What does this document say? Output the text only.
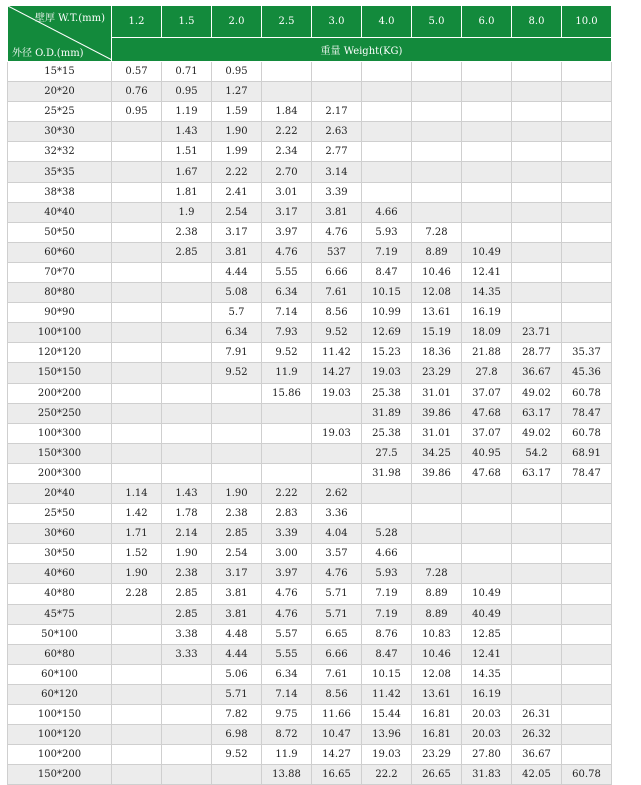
壁厚 W.T.(mm)
外径 O.D.(mm)	1.2	1.5	2.0	2.5	3.0	4.0	5.0	6.0	8.0	10.0
	重量 Weight(KG)									
15*15	0.57	0.71	0.95							
20*20	0.76	0.95	1.27							
25*25	0.95	1.19	1.59	1.84	2.17					
30*30		1.43	1.90	2.22	2.63					
32*32		1.51	1.99	2.34	2.77					
35*35		1.67	2.22	2.70	3.14					
38*38		1.81	2.41	3.01	3.39					
40*40		1.9	2.54	3.17	3.81	4.66				
50*50		2.38	3.17	3.97	4.76	5.93	7.28			
60*60		2.85	3.81	4.76	537	7.19	8.89	10.49		
70*70			4.44	5.55	6.66	8.47	10.46	12.41		
80*80			5.08	6.34	7.61	10.15	12.08	14.35		
90*90			5.7	7.14	8.56	10.99	13.61	16.19		
100*100			6.34	7.93	9.52	12.69	15.19	18.09	23.71	
120*120			7.91	9.52	11.42	15.23	18.36	21.88	28.77	35.37
150*150			9.52	11.9	14.27	19.03	23.29	27.8	36.67	45.36
200*200				15.86	19.03	25.38	31.01	37.07	49.02	60.78
250*250						31.89	39.86	47.68	63.17	78.47
100*300					19.03	25.38	31.01	37.07	49.02	60.78
150*300						27.5	34.25	40.95	54.2	68.91
200*300						31.98	39.86	47.68	63.17	78.47
20*40	1.14	1.43	1.90	2.22	2.62					
25*50	1.42	1.78	2.38	2.83	3.36					
30*60	1.71	2.14	2.85	3.39	4.04	5.28				
30*50	1.52	1.90	2.54	3.00	3.57	4.66				
40*60	1.90	2.38	3.17	3.97	4.76	5.93	7.28			
40*80	2.28	2.85	3.81	4.76	5.71	7.19	8.89	10.49		
45*75		2.85	3.81	4.76	5.71	7.19	8.89	40.49		
50*100		3.38	4.48	5.57	6.65	8.76	10.83	12.85		
60*80		3.33	4.44	5.55	6.66	8.47	10.46	12.41		
60*100			5.06	6.34	7.61	10.15	12.08	14.35		
60*120			5.71	7.14	8.56	11.42	13.61	16.19		
100*150			7.82	9.75	11.66	15.44	16.81	20.03	26.31	
100*120			6.98	8.72	10.47	13.96	16.81	20.03	26.32	
100*200			9.52	11.9	14.27	19.03	23.29	27.80	36.67	
150*200				13.88	16.65	22.2	26.65	31.83	42.05	60.78
